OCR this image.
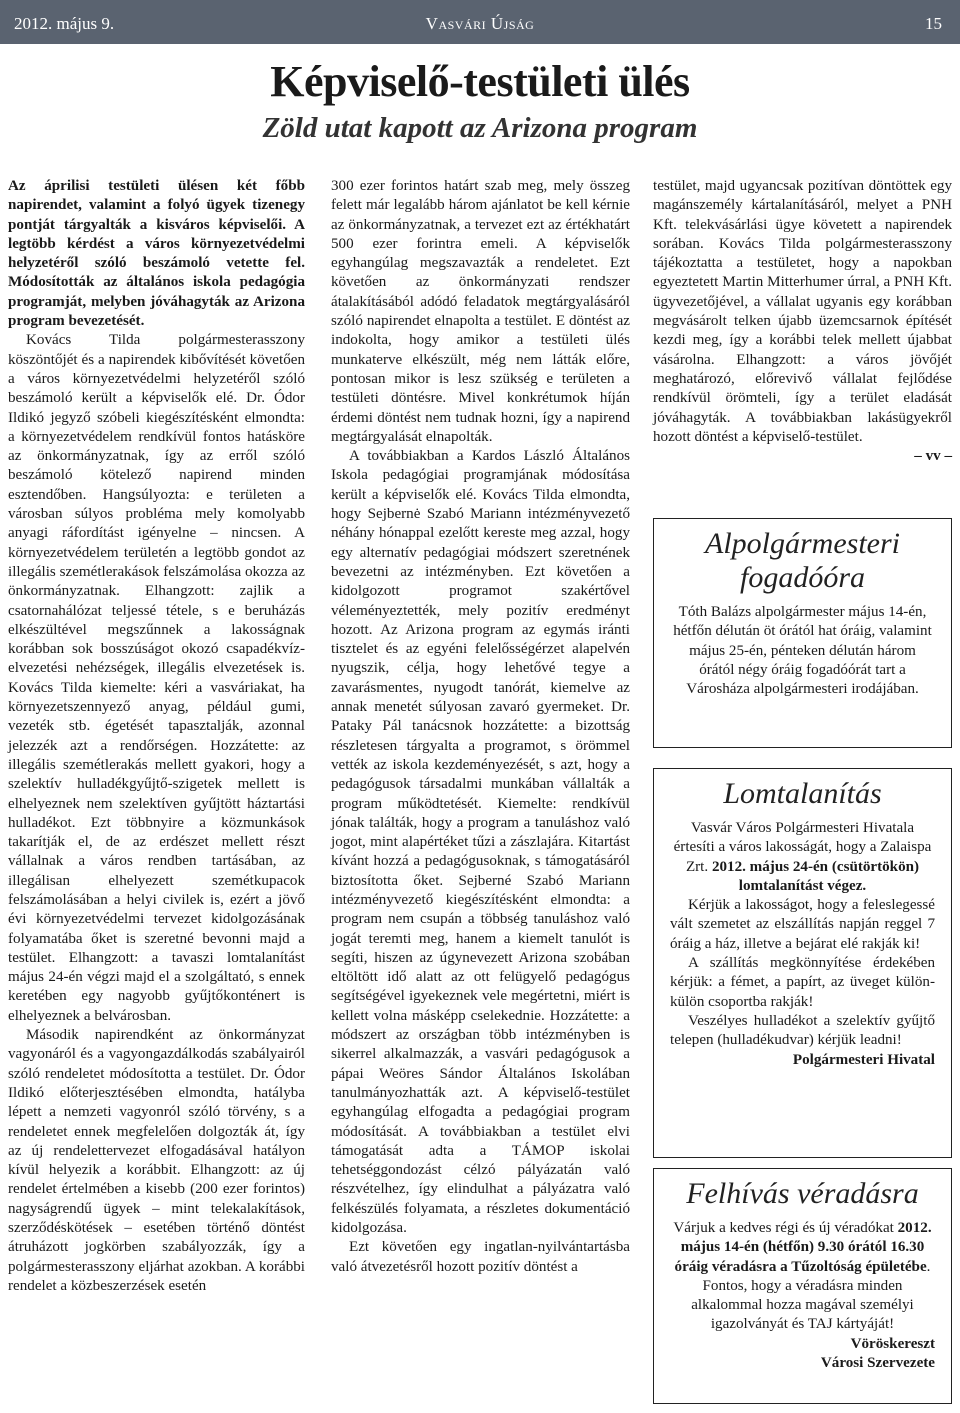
2012. május 9.	Vasvári Újság	15
Képviselő-testületi ülés
Zöld utat kapott az Arizona program

Az áprilisi testületi ülésen két főbb napirendet, valamint a folyó ügyek tizenegy pontját tárgyalták a kisváros képviselői. A legtöbb kérdést a város környezetvédelmi helyzetéről szóló beszámoló vetette fel. Módosították az általános iskola pedagógia programját, melyben jóváhagyták az Arizona program bevezetését.

Kovács Tilda polgármesterasszony köszöntőjét és a napirendek kibővítését követően a város környezetvédelmi helyzetéről szóló beszámoló került a képviselők elé. Dr. Ódor Ildikó jegyző szóbeli kiegészítésként elmondta: a környezetvédelem rendkívül fontos hatásköre az önkormányzatnak, így az erről szóló beszámoló kötelező napirend minden esztendőben. Hangsúlyozta: e területen a városban súlyos probléma mely komolyabb anyagi ráfordítást igényelne – nincsen. A környezetvédelem területén a legtöbb gondot az illegális szemétlerakások felszámolása okozza az önkormányzatnak. Elhangzott: zajlik a csatornahálózat teljessé tétele, s e beruházás elkészültével megszűnnek a lakosságnak korábban sok bosszúságot okozó csapadékvíz-elvezetési nehézségek, illegális elvezetések is. Kovács Tilda kiemelte: kéri a vasváriakat, ha környezetszennyező anyag, például gumi, vezeték stb. égetését tapasztalják, azonnal jelezzék azt a rendőrségen. Hozzátette: az illegális szemétlerakás mellett gyakori, hogy a szelektív hulladékgyűjtő-szigetek mellett is elhelyeznek nem szelektíven gyűjtött háztartási hulladékot. Ezt többnyire a közmunkások takarítják el, de az erdészet mellett részt vállalnak a város rendben tartásában, az illegálisan elhelyezett szemétkupacok felszámolásában a helyi civilek is, ezért a jövő évi környezetvédelmi tervezet kidolgozásának folyamatába őket is szeretné bevonni majd a testület. Elhangzott: a tavaszi lomtalanítást május 24-én végzi majd el a szolgáltató, s ennek keretében egy nagyobb gyűjtőkonténert is elhelyeznek a belvárosban.

Második napirendként az önkormányzat vagyonáról és a vagyongazdálkodás szabályairól szóló rendeletet módosította a testület. Dr. Ódor Ildikó előterjesztésében elmondta, hatályba lépett a nemzeti vagyonról szóló törvény, s a rendeletet ennek megfelelően dolgozták át, így az új rendelettervezet elfogadásával hatályon kívül helyezik a korábbit. Elhangzott: az új rendelet értelmében a kisebb (200 ezer forintos) nagyságrendű ügyek – mint telekalakítások, szerződéskötések – esetében történő döntést átruházott jogkörben szabályozzák, így a polgármesterasszony eljárhat azokban. A korábbi rendelet a közbeszerzések esetén

300 ezer forintos határt szab meg, mely összeg felett már legalább három ajánlatot be kell kérnie az önkormányzatnak, a tervezet ezt az értékhatárt 500 ezer forintra emeli. A képviselők egyhangúlag megszavazták a rendeletet. Ezt követően az önkormányzati rendszer átalakításából adódó feladatok megtárgyalásáról szóló napirendet elnapolta a testület. E döntést az indokolta, hogy amikor a testületi ülés munkaterve elkészült, még nem látták előre, pontosan mikor is lesz szükség e területen a testületi döntésre. Mivel konkrétumok híján érdemi döntést nem tudnak hozni, így a napirend megtárgyalását elnapolták.

A továbbiakban a Kardos László Általános Iskola pedagógiai programjának módosítása került a képviselők elé. Kovács Tilda elmondta, hogy Sejbernė Szabó Mariann intézményvezető néhány hónappal ezelőtt kereste meg azzal, hogy egy alternatív pedagógiai módszert szeretnének bevezetni az intézményben. Ezt követően a kidolgozott programot szakértővel véleményeztették, mely pozitív eredményt hozott. Az Arizona program az egymás iránti tisztelet és az egyéni felelősségérzet alapelvén nyugszik, célja, hogy lehetővé tegye a zavarásmentes, nyugodt tanórát, kiemelve az annak menetét súlyosan zavaró gyermeket. Dr. Pataky Pál tanácsnok hozzátette: a bizottság részletesen tárgyalta a programot, s örömmel vették az iskola kezdeményezését, s azt, hogy a pedagógusok társadalmi munkában vállalták a program működtetését. Kiemelte: rendkívül jónak találták, hogy a program a tanuláshoz való jogot, mint alapértéket tűzi a zászlajára. Kitartást kívánt hozzá a pedagógusoknak, s támogatásáról biztosította őket. Sejberné Szabó Mariann intézményvezető kiegészítésként elmondta: a program nem csupán a többség tanuláshoz való jogát teremti meg, hanem a kiemelt tanulót is segíti, hiszen az úgynevezett Arizona szobában eltöltött idő alatt az ott felügyelő pedagógus segítségével igyekeznek vele megértetni, miért is kellett volna másképp cselekednie. Hozzátette: a módszert az országban több intézményben is sikerrel alkalmazzák, a vasvári pedagógusok a pápai Weöres Sándor Általános Iskolában tanulmányozhatták azt. A képviselő-testület egyhangúlag elfogadta a pedagógiai program módosítását. A továbbiakban a testület elvi támogatását adta a TÁMOP iskolai tehetséggondozást célzó pályázatán való részvételhez, így elindulhat a pályázatra való felkészülés folyamata, a részletes dokumentáció kidolgozása.

Ezt követően egy ingatlan-nyilvántartásba való átvezetésről hozott pozitív döntést a

testület, majd ugyancsak pozitívan döntöttek egy magánszemély kártalanításáról, melyet a PNH Kft. telekvásárlási ügye követett a napirendek sorában. Kovács Tilda polgármesterasszony tájékoztatta a testületet, hogy a napokban egyeztetett Martin Mitterhumer úrral, a PNH Kft. ügyvezetőjével, a vállalat ugyanis egy korábban megvásárolt telken újabb üzemcsarnok építését kezdi meg, így a korábbi telek mellett újabbat vásárolna. Elhangzott: a város jövőjét meghatározó, előrevivő vállalat fejlődése rendkívül örömteli, így a terület eladását jóváhagyták. A továbbiakban lakásügyekről hozott döntést a képviselő-testület.

– vv –

Alpolgármesteri fogadóóra

Tóth Balázs alpolgármester május 14-én, hétfőn délután öt órától hat óráig, valamint május 25-én, pénteken délután három órától négy óráig fogadóórát tart a Városháza alpolgármesteri irodájában.

Lomtalanítás

Vasvár Város Polgármesteri Hivatala értesíti a város lakosságát, hogy a Zalaispa Zrt. 2012. május 24-én (csütörtökön) lomtalanítást végez.

Kérjük a lakosságot, hogy a feleslegessé vált szemetet az elszállítás napján reggel 7 óráig a ház, illetve a bejárat elé rakják ki!

A szállítás megkönnyítése érdekében kérjük: a fémet, a papírt, az üveget külön-külön csoportba rakják!

Veszélyes hulladékot a szelektív gyűjtő telepen (hulladékudvar) kérjük leadni!

Polgármesteri Hivatal

Felhívás véradásra

Várjuk a kedves régi és új véradókat 2012. május 14-én (hétfőn) 9.30 órától 16.30 óráig véradásra a Tűzoltóság épületébe.

Fontos, hogy a véradásra minden alkalommal hozza magával személyi igazolványát és TAJ kártyáját!

Vöröskereszt

Városi Szervezete
